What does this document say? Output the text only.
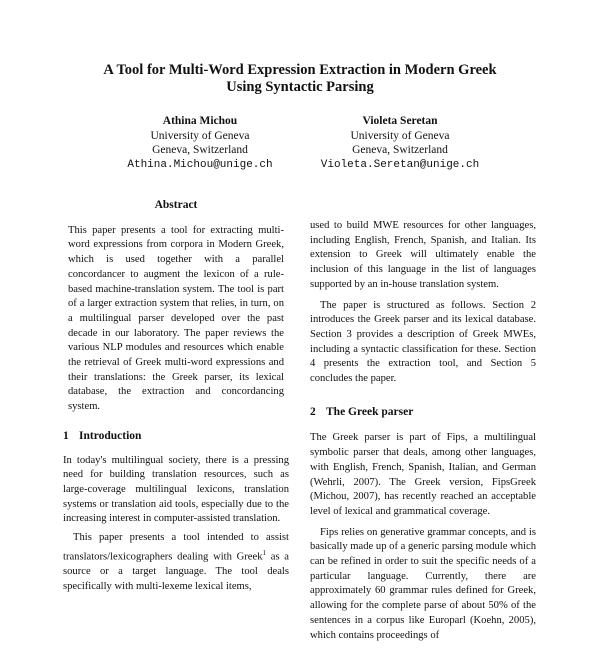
A Tool for Multi-Word Expression Extraction in Modern Greek
Using Syntactic Parsing
Athina Michou
University of Geneva
Geneva, Switzerland
Athina.Michou@unige.ch
Violeta Seretan
University of Geneva
Geneva, Switzerland
Violeta.Seretan@unige.ch
Abstract

This paper presents a tool for extracting multi-word expressions from corpora in Modern Greek, which is used together with a parallel concordancer to augment the lexicon of a rule-based machine-translation system. The tool is part of a larger extraction system that relies, in turn, on a multilingual parser developed over the past decade in our laboratory. The paper reviews the various NLP modules and resources which enable the retrieval of Greek multi-word expressions and their translations: the Greek parser, its lexical database, the extraction and concordancing system.

1 Introduction

In today's multilingual society, there is a pressing need for building translation resources, such as large-coverage multilingual lexicons, translation systems or translation aid tools, especially due to the increasing interest in computer-assisted translation.

This paper presents a tool intended to assist translators/lexicographers dealing with Greek$^1$ as a source or a target language. The tool deals specifically with multi-lexeme lexical items,

used to build MWE resources for other languages, including English, French, Spanish, and Italian. Its extension to Greek will ultimately enable the inclusion of this language in the list of languages supported by an in-house translation system.

The paper is structured as follows. Section 2 introduces the Greek parser and its lexical database. Section 3 provides a description of Greek MWEs, including a syntactic classification for these. Section 4 presents the extraction tool, and Section 5 concludes the paper.

2 The Greek parser

The Greek parser is part of Fips, a multilingual symbolic parser that deals, among other languages, with English, French, Spanish, Italian, and German (Wehrli, 2007). The Greek version, FipsGreek (Michou, 2007), has recently reached an acceptable level of lexical and grammatical coverage.

Fips relies on generative grammar concepts, and is basically made up of a generic parsing module which can be refined in order to suit the specific needs of a particular language. Currently, there are approximately 60 grammar rules defined for Greek, allowing for the complete parse of about 50% of the sentences in a corpus like Europarl (Koehn, 2005), which contains proceedings of
